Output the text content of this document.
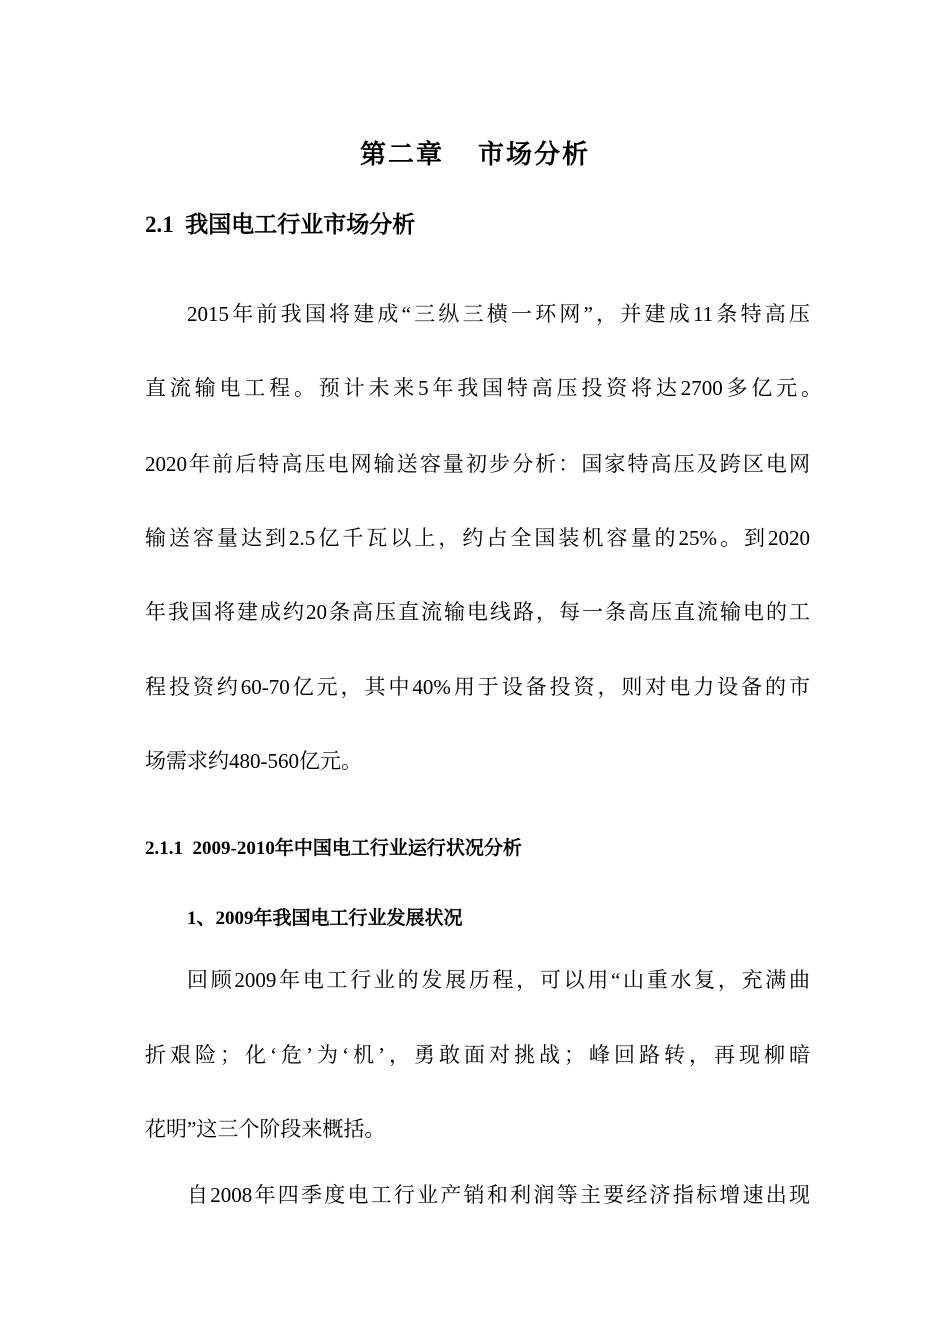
第二章    市场分析
2.1  我国电工行业市场分析
2015年前我国将建成“三纵三横一环网”，并建成11条特高压
直流输电工程。预计未来5年我国特高压投资将达2700多亿元。
2020年前后特高压电网输送容量初步分析：国家特高压及跨区电网
输送容量达到2.5亿千瓦以上，约占全国装机容量的25%。到2020
年我国将建成约20条高压直流输电线路，每一条高压直流输电的工
程投资约60-70亿元，其中40%用于设备投资，则对电力设备的市
场需求约480-560亿元。
2.1.1  2009-2010年中国电工行业运行状况分析
1、2009年我国电工行业发展状况
回顾2009年电工行业的发展历程，可以用“山重水复，充满曲
折艰险；化‘危’为‘机’，勇敢面对挑战；峰回路转，再现柳暗
花明”这三个阶段来概括。
自2008年四季度电工行业产销和利润等主要经济指标增速出现
